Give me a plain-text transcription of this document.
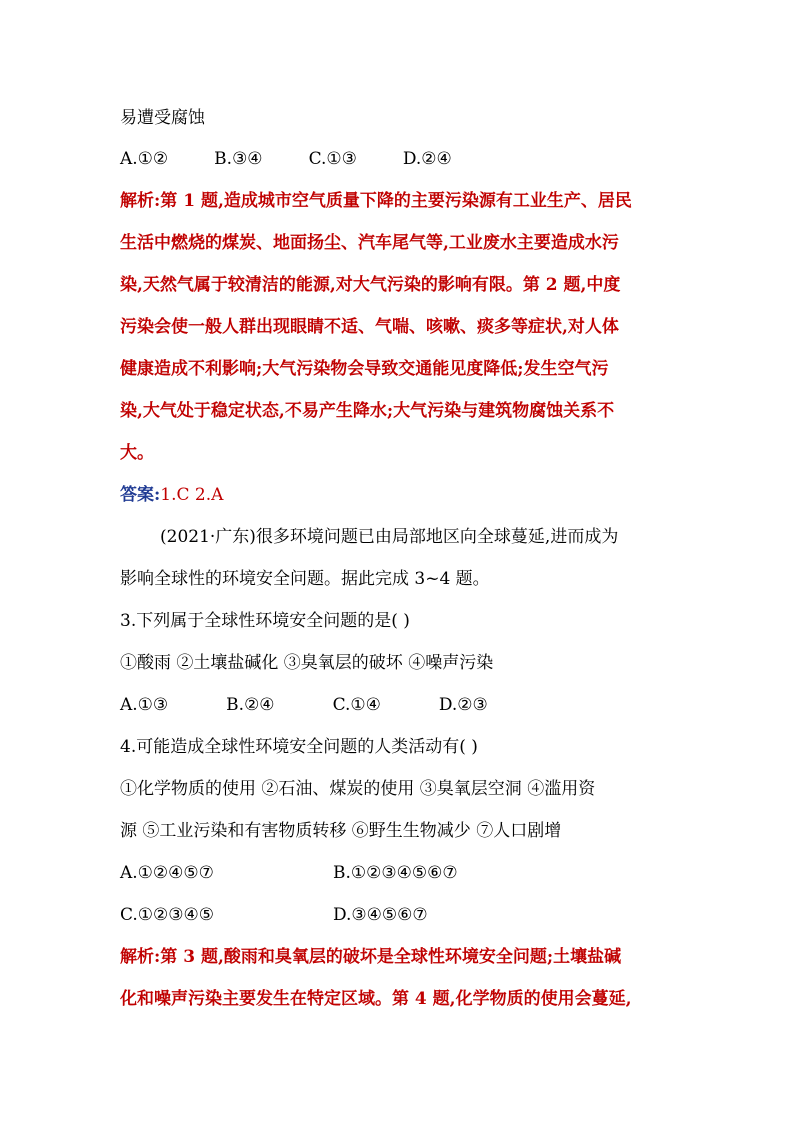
易遭受腐蚀
A.①②	B.③④	C.①③	D.②④
解析:第 1 题,造成城市空气质量下降的主要污染源有工业生产、居民
生活中燃烧的煤炭、地面扬尘、汽车尾气等,工业废水主要造成水污
染,天然气属于较清洁的能源,对大气污染的影响有限。第 2 题,中度
污染会使一般人群出现眼睛不适、气喘、咳嗽、痰多等症状,对人体
健康造成不利影响;大气污染物会导致交通能见度降低;发生空气污
染,大气处于稳定状态,不易产生降水;大气污染与建筑物腐蚀关系不
大。
答案:1.C 2.A
(2021·广东)很多环境问题已由局部地区向全球蔓延,进而成为
影响全球性的环境安全问题。据此完成 3~4 题。
3.下列属于全球性环境安全问题的是( )
①酸雨 ②土壤盐碱化 ③臭氧层的破坏 ④噪声污染
A.①③	B.②④	C.①④	D.②③
4.可能造成全球性环境安全问题的人类活动有( )
①化学物质的使用 ②石油、煤炭的使用 ③臭氧层空洞 ④滥用资
源 ⑤工业污染和有害物质转移 ⑥野生生物减少 ⑦人口剧增
A.①②④⑤⑦	B.①②③④⑤⑥⑦
C.①②③④⑤	D.③④⑤⑥⑦
解析:第 3 题,酸雨和臭氧层的破坏是全球性环境安全问题;土壤盐碱
化和噪声污染主要发生在特定区域。第 4 题,化学物质的使用会蔓延,
